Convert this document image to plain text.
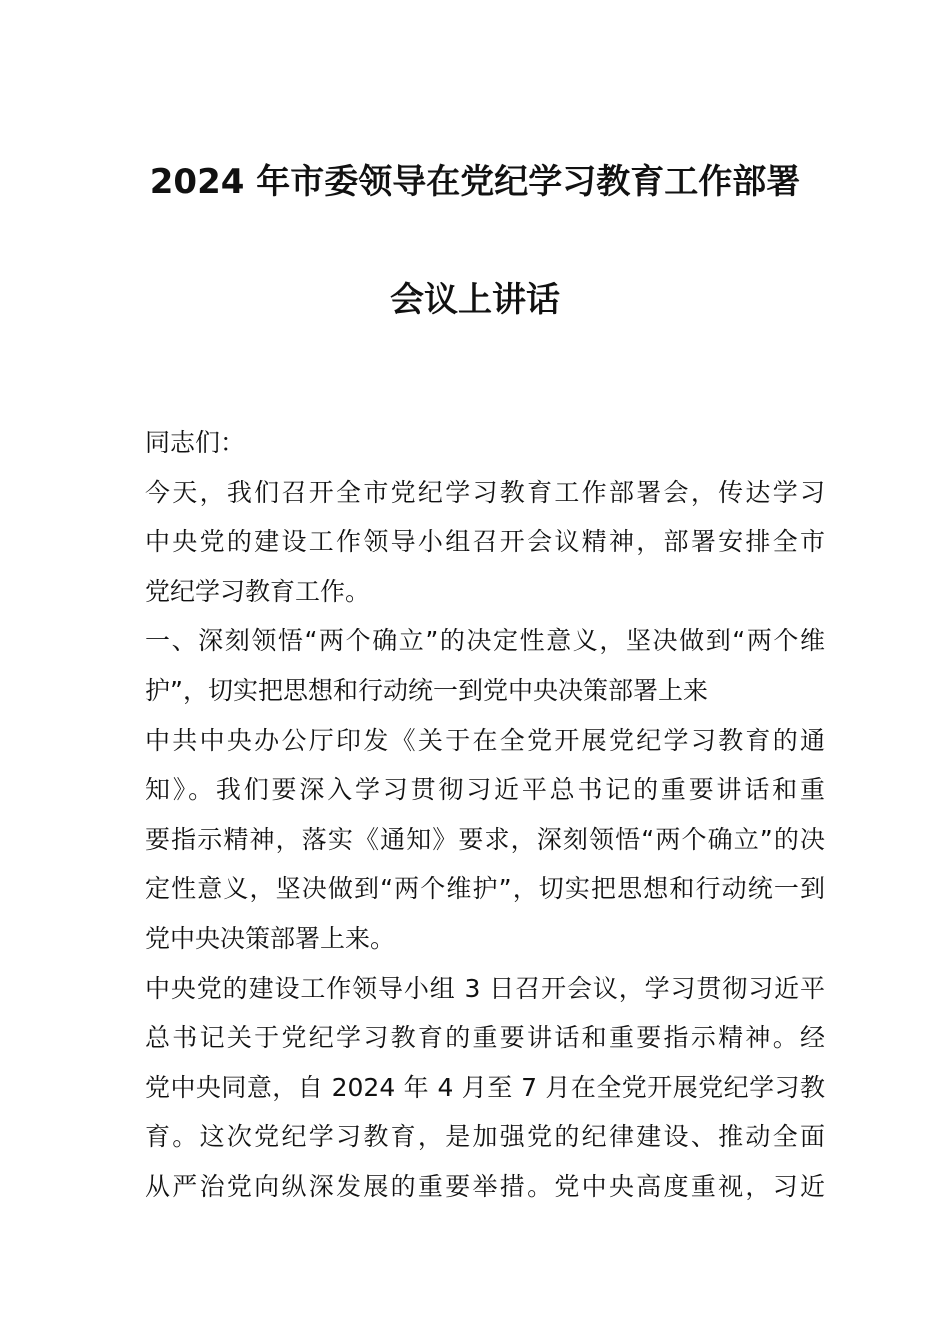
2024 年市委领导在党纪学习教育工作部署
会议上讲话
同志们：
今天，我们召开全市党纪学习教育工作部署会，传达学习
中央党的建设工作领导小组召开会议精神，部署安排全市
党纪学习教育工作。
一、深刻领悟“两个确立”的决定性意义，坚决做到“两个维
护”，切实把思想和行动统一到党中央决策部署上来
中共中央办公厅印发《关于在全党开展党纪学习教育的通
知》。我们要深入学习贯彻习近平总书记的重要讲话和重
要指示精神，落实《通知》要求，深刻领悟“两个确立”的决
定性意义，坚决做到“两个维护”，切实把思想和行动统一到
党中央决策部署上来。
中央党的建设工作领导小组 3 日召开会议，学习贯彻习近平
总书记关于党纪学习教育的重要讲话和重要指示精神。经
党中央同意，自 2024 年 4 月至 7 月在全党开展党纪学习教
育。这次党纪学习教育，是加强党的纪律建设、推动全面
从严治党向纵深发展的重要举措。党中央高度重视，习近
